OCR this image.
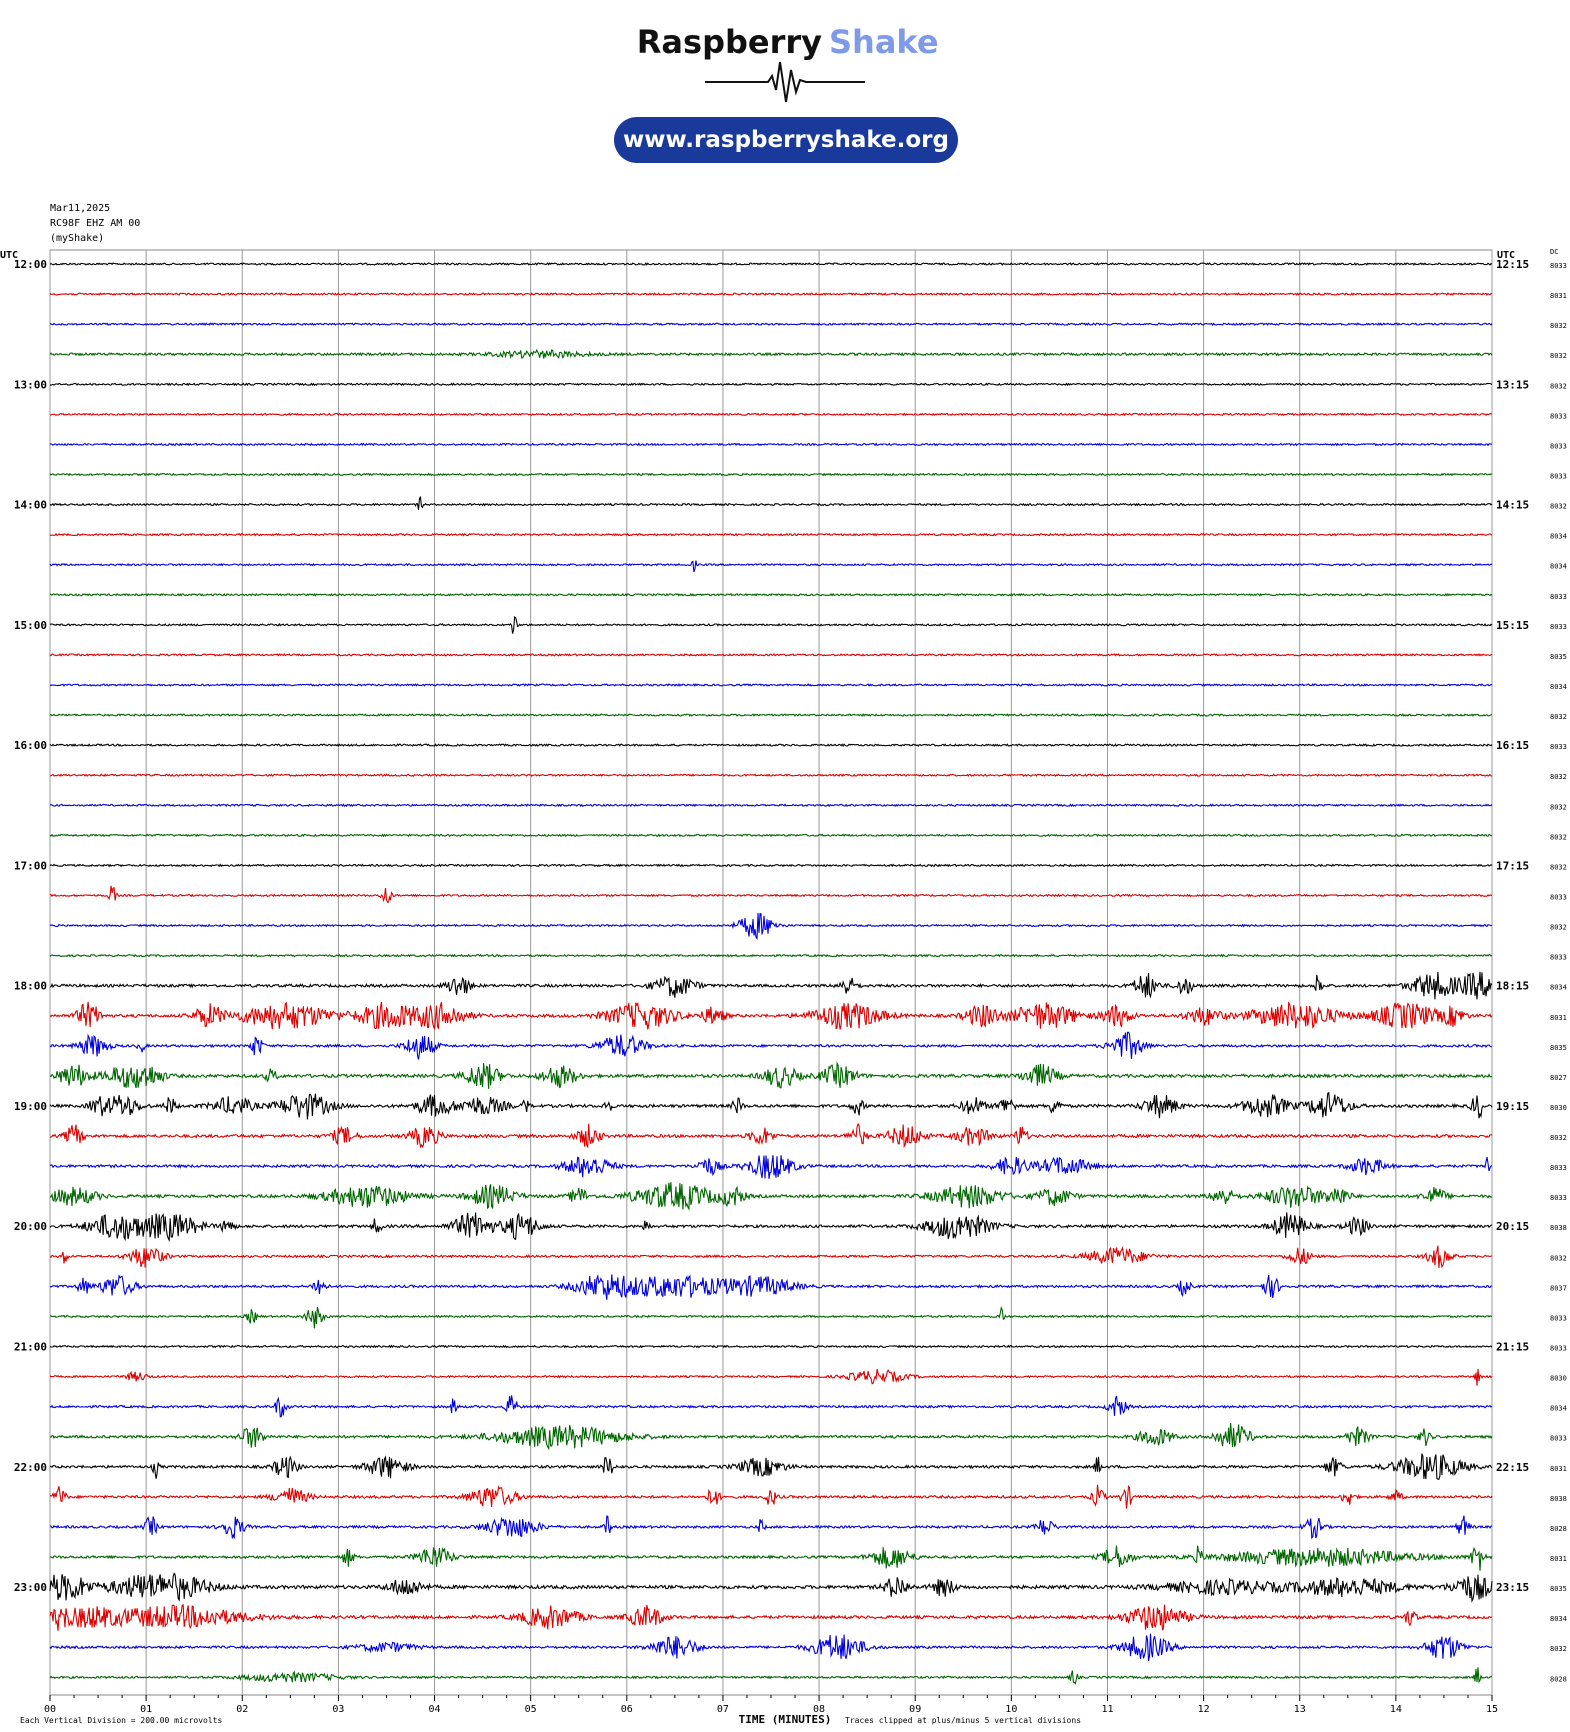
Raspberry Shake
www.raspberryshake.org
Mar11,2025
RC98F EHZ AM 00
(myShake)
00	01	02	03	04	05	06	07	08	09	10	11	12	13	14	15
UTC	UTC	DC
TIME (MINUTES)
Each Vertical Division = 200.00 microvolts	Traces clipped at plus/minus 5 vertical divisions
12:00	12:15	8033
8031
8032
8032
13:00	13:15	8032
8033
8033
8033
14:00	14:15	8032
8034
8034
8033
15:00	15:15	8033
8035
8034
8032
16:00	16:15	8033
8032
8032
8032
17:00	17:15	8032
8033
8032
8033
18:00	18:15	8034
8031
8035
8027
19:00	19:15	8030
8032
8033
8033
20:00	20:15	8038
8032
8037
8033
21:00	21:15	8033
8030
8034
8033
22:00	22:15	8031
8038
8028
8031
23:00	23:15	8035
8034
8032
8028
